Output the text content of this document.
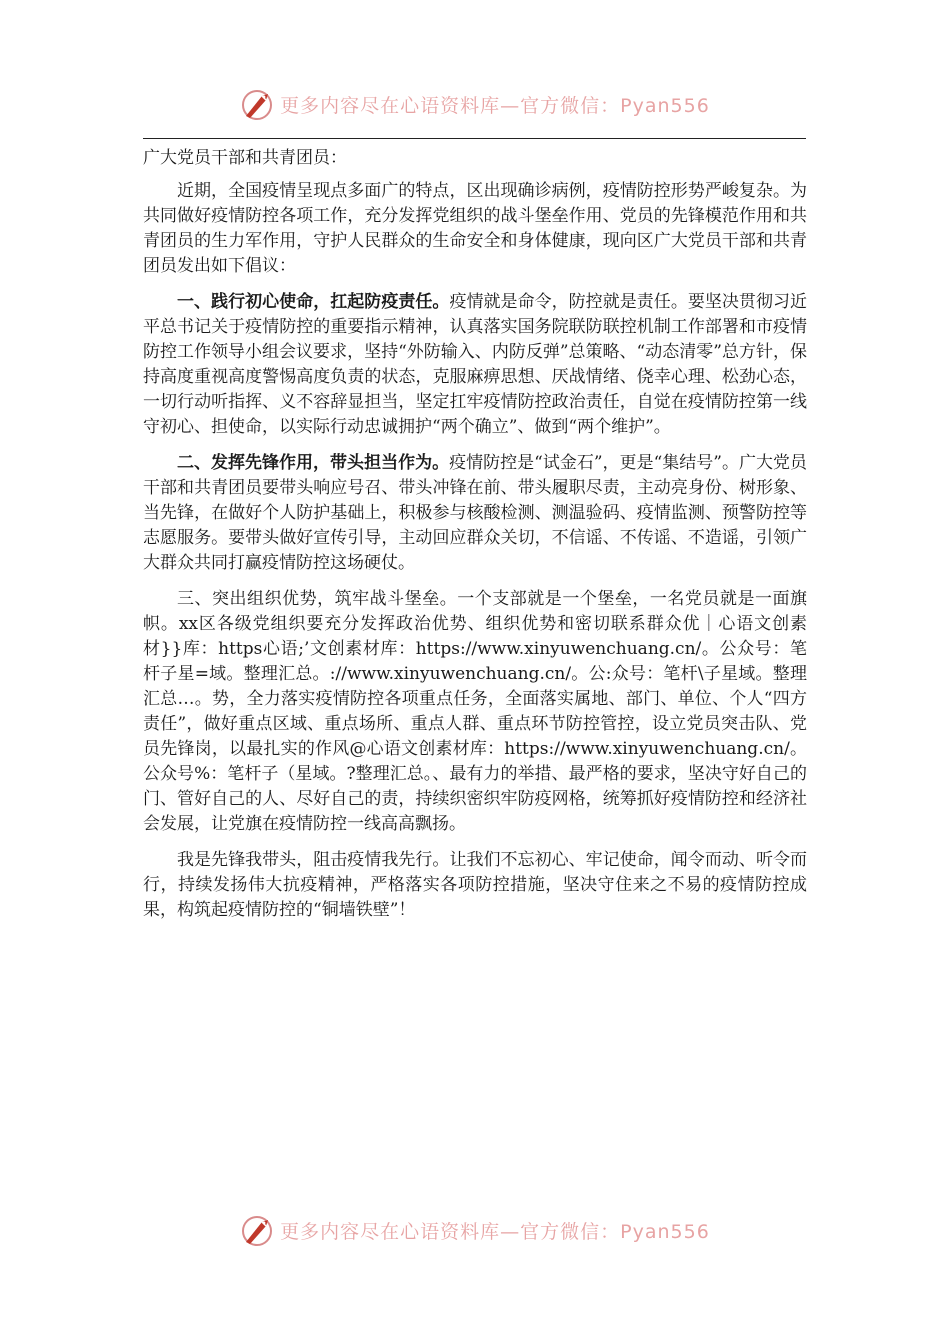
更多内容尽在心语资料库—官方微信：Pyan556

广大党员干部和共青团员：

近期，全国疫情呈现点多面广的特点，区出现确诊病例，疫情防控形势严峻复杂。为共同做好疫情防控各项工作，充分发挥党组织的战斗堡垒作用、党员的先锋模范作用和共青团员的生力军作用，守护人民群众的生命安全和身体健康，现向区广大党员干部和共青团员发出如下倡议：

一、践行初心使命，扛起防疫责任。疫情就是命令，防控就是责任。要坚决贯彻习近平总书记关于疫情防控的重要指示精神，认真落实国务院联防联控机制工作部署和市疫情防控工作领导小组会议要求，坚持“外防输入、内防反弹”总策略、“动态清零”总方针，保持高度重视高度警惕高度负责的状态，克服麻痹思想、厌战情绪、侥幸心理、松劲心态，一切行动听指挥、义不容辞显担当，坚定扛牢疫情防控政治责任，自觉在疫情防控第一线守初心、担使命，以实际行动忠诚拥护“两个确立”、做到“两个维护”。

二、发挥先锋作用，带头担当作为。疫情防控是“试金石”，更是“集结号”。广大党员干部和共青团员要带头响应号召、带头冲锋在前、带头履职尽责，主动亮身份、树形象、当先锋，在做好个人防护基础上，积极参与核酸检测、测温验码、疫情监测、预警防控等志愿服务。要带头做好宣传引导，主动回应群众关切，不信谣、不传谣、不造谣，引领广大群众共同打赢疫情防控这场硬仗。

三、突出组织优势，筑牢战斗堡垒。一个支部就是一个堡垒，一名党员就是一面旗帜。xx区各级党组织要充分发挥政治优势、组织优势和密切联系群众优｜心语文创素材}}库：https心语;’文创素材库：https://www.xinyuwenchuang.cn/。公众号：笔杆子星=域。整理汇总。://www.xinyuwenchuang.cn/。公:众号：笔杆\子星域。整理汇总…。势，全力落实疫情防控各项重点任务，全面落实属地、部门、单位、个人“四方责任”，做好重点区域、重点场所、重点人群、重点环节防控管控，设立党员突击队、党员先锋岗，以最扎实的作风@心语文创素材库：https://www.xinyuwenchuang.cn/。公众号%：笔杆子（星域。?整理汇总。、最有力的举措、最严格的要求，坚决守好自己的门、管好自己的人、尽好自己的责，持续织密织牢防疫网格，统筹抓好疫情防控和经济社会发展，让党旗在疫情防控一线高高飘扬。

我是先锋我带头，阻击疫情我先行。让我们不忘初心、牢记使命，闻令而动、听令而行，持续发扬伟大抗疫精神，严格落实各项防控措施，坚决守住来之不易的疫情防控成果，构筑起疫情防控的“铜墙铁壁”！

更多内容尽在心语资料库—官方微信：Pyan556
